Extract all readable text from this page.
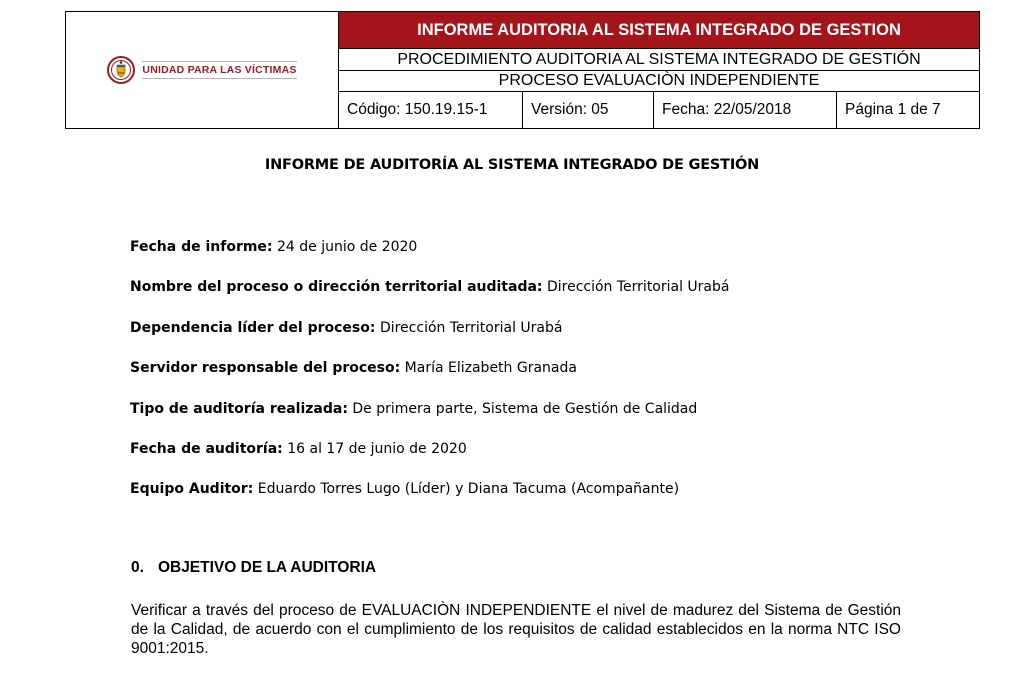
UNIDAD PARA LAS VÍCTIMAS
INFORME AUDITORIA AL SISTEMA INTEGRADO DE GESTION
PROCEDIMIENTO AUDITORIA AL SISTEMA INTEGRADO DE GESTIÓN
PROCESO EVALUACIÒN INDEPENDIENTE
Código: 150.19.15-1	Versión: 05	Fecha: 22/05/2018	Página 1 de 7
INFORME DE AUDITORÍA AL SISTEMA INTEGRADO DE GESTIÓN
Fecha de informe: 24 de junio de 2020
Nombre del proceso o dirección territorial auditada: Dirección Territorial Urabá
Dependencia líder del proceso: Dirección Territorial Urabá
Servidor responsable del proceso: María Elizabeth Granada
Tipo de auditoría realizada: De primera parte, Sistema de Gestión de Calidad
Fecha de auditoría: 16 al 17 de junio de 2020
Equipo Auditor: Eduardo Torres Lugo (Líder) y Diana Tacuma (Acompañante)
0. OBJETIVO DE LA AUDITORIA
Verificar a través del proceso de EVALUACIÒN INDEPENDIENTE el nivel de madurez del Sistema de Gestión de la Calidad, de acuerdo con el cumplimiento de los requisitos de calidad establecidos en la norma NTC ISO 9001:2015.
